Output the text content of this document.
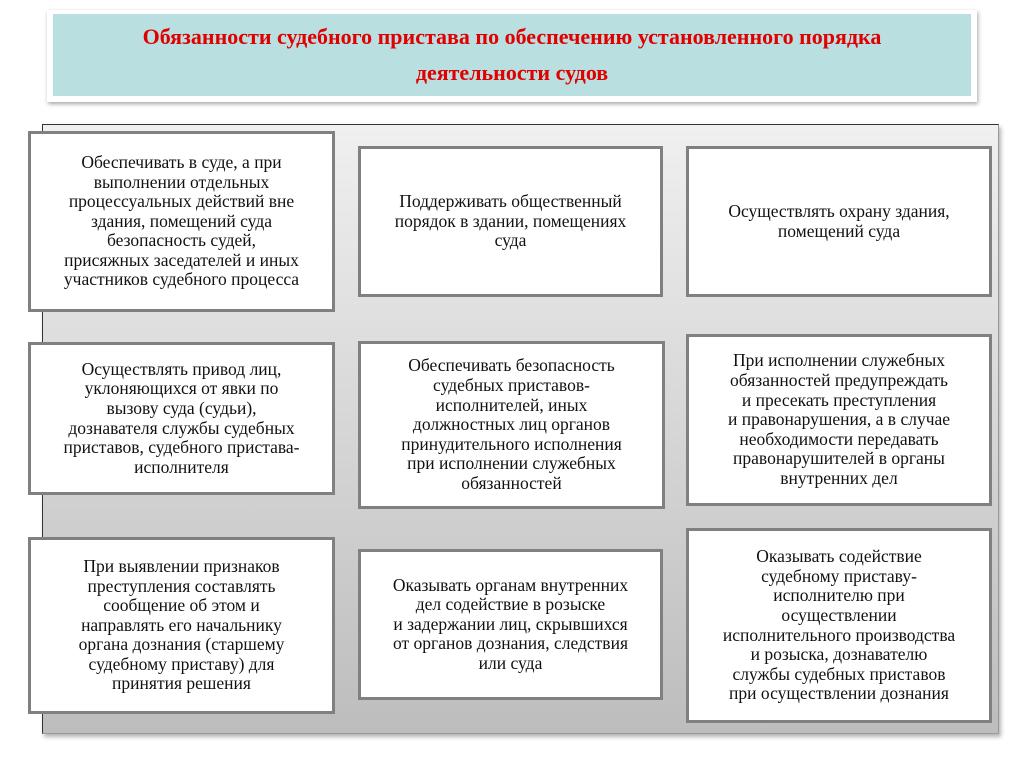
Обязанности судебного пристава по обеспечению установленного порядка
деятельности судов
Обеспечивать в суде, а при
выполнении отдельных
процессуальных действий вне
здания, помещений суда
безопасность судей,
присяжных заседателей и иных
участников судебного процесса
Поддерживать общественный
порядок в здании, помещениях
суда
Осуществлять охрану здания,
помещений суда
Осуществлять привод лиц,
уклоняющихся от явки по
вызову суда (судьи),
дознавателя службы судебных
приставов, судебного пристава-
исполнителя
Обеспечивать безопасность
судебных приставов-
исполнителей, иных
должностных лиц органов
принудительного исполнения
при исполнении служебных
обязанностей
При исполнении служебных
обязанностей предупреждать
и пресекать преступления
и правонарушения, а в случае
необходимости передавать
правонарушителей в органы
внутренних дел
При выявлении признаков
преступления составлять
сообщение об этом и
направлять его начальнику
органа дознания (старшему
судебному приставу) для
принятия решения
Оказывать органам внутренних
дел содействие в розыске
и задержании лиц, скрывшихся
от органов дознания, следствия
или суда
Оказывать содействие
судебному приставу-
исполнителю при
осуществлении
исполнительного производства
и розыска, дознавателю
службы судебных приставов
при осуществлении дознания
